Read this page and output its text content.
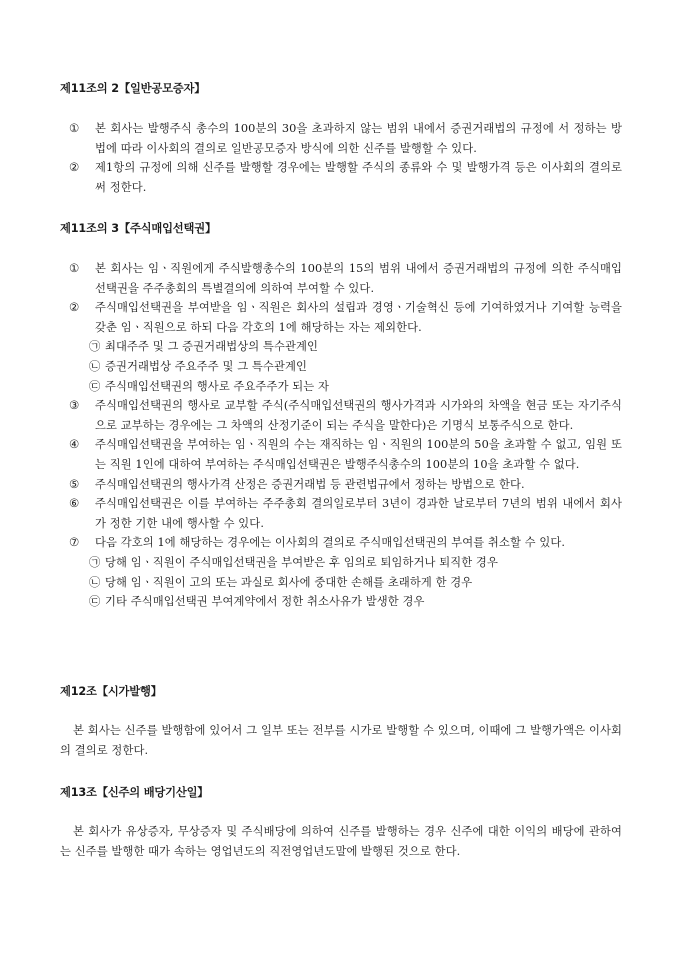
제11조의 2【일반공모증자】
① 본 회사는 발행주식 총수의 100분의 30을 초과하지 않는 범위 내에서 증권거래법의 규정에 서 정하는 방법에 따라 이사회의 결의로 일반공모증자 방식에 의한 신주를 발행할 수 있다.
② 제1항의 규정에 의해 신주를 발행할 경우에는 발행할 주식의 종류와 수 및 발행가격 등은 이사회의 결의로써 정한다.
제11조의 3【주식매입선택권】
① 본 회사는 임ㆍ직원에게 주식발행총수의 100분의 15의 범위 내에서 증권거래법의 규정에 의한 주식매입선택권을 주주총회의 특별결의에 의하여 부여할 수 있다.
② 주식매입선택권을 부여받을 임ㆍ직원은 회사의 설립과 경영ㆍ기술혁신 등에 기여하였거나 기여할 능력을 갖춘 임ㆍ직원으로 하되 다음 각호의 1에 해당하는 자는 제외한다.
㉠ 최대주주 및 그 증권거래법상의 특수관계인
㉡ 증권거래법상 주요주주 및 그 특수관계인
㉢ 주식매입선택권의 행사로 주요주주가 되는 자
③ 주식매입선택권의 행사로 교부할 주식(주식매입선택권의 행사가격과 시가와의 차액을 현금 또는 자기주식으로 교부하는 경우에는 그 차액의 산정기준이 되는 주식을 말한다)은 기명식 보통주식으로 한다.
④ 주식매입선택권을 부여하는 임ㆍ직원의 수는 재직하는 임ㆍ직원의 100분의 50을 초과할 수 없고, 임원 또는 직원 1인에 대하여 부여하는 주식매입선택권은 발행주식총수의 100분의 10을 초과할 수 없다.
⑤ 주식매입선택권의 행사가격 산정은 증권거래법 등 관련법규에서 정하는 방법으로 한다.
⑥ 주식매입선택권은 이를 부여하는 주주총회 결의일로부터 3년이 경과한 날로부터 7년의 범위 내에서 회사가 정한 기한 내에 행사할 수 있다.
⑦ 다음 각호의 1에 해당하는 경우에는 이사회의 결의로 주식매입선택권의 부여를 취소할 수 있다.
㉠ 당해 임ㆍ직원이 주식매입선택권을 부여받은 후 임의로 퇴임하거나 퇴직한 경우
㉡ 당해 임ㆍ직원이 고의 또는 과실로 회사에 중대한 손해를 초래하게 한 경우
㉢ 기타 주식매입선택권 부여계약에서 정한 취소사유가 발생한 경우
제12조【시가발행】
본 회사는 신주를 발행함에 있어서 그 일부 또는 전부를 시가로 발행할 수 있으며, 이때에 그 발행가액은 이사회의 결의로 정한다.
제13조【신주의 배당기산일】
본 회사가 유상증자, 무상증자 및 주식배당에 의하여 신주를 발행하는 경우 신주에 대한 이익의 배당에 관하여는 신주를 발행한 때가 속하는 영업년도의 직전영업년도말에 발행된 것으로 한다.
